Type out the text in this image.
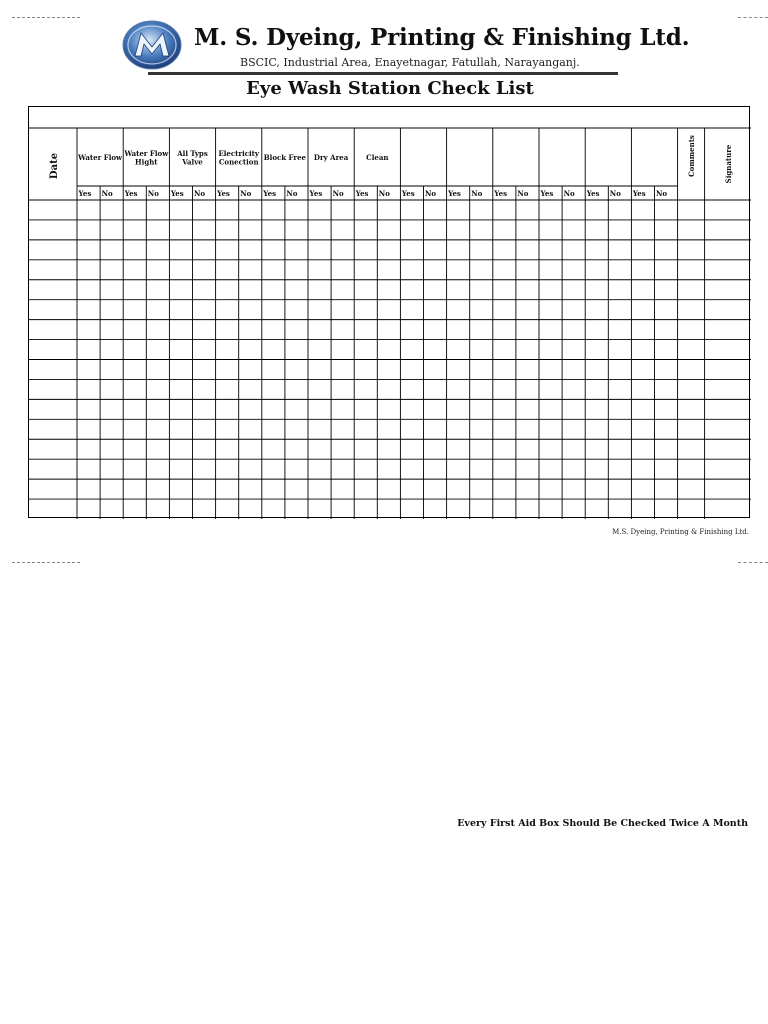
M. S. Dyeing, Printing & Finishing Ltd.
BSCIC, Industrial Area, Enayetnagar, Fatullah, Narayanganj.
Eye Wash Station Check List
Date	Water Flow
Yes No
Water Flow
Hight
Yes No
All Typs
Valve
Yes No
Electricity
Conection
Yes No
Block Free
Yes No
Dry Area
Yes No
Clean
Yes No Yes No Yes No Yes No Yes No Yes No Yes No
Comments	Signature
M.S. Dyeing, Printing & Finishing Ltd.
Every First Aid Box Should Be Checked Twice A Month
